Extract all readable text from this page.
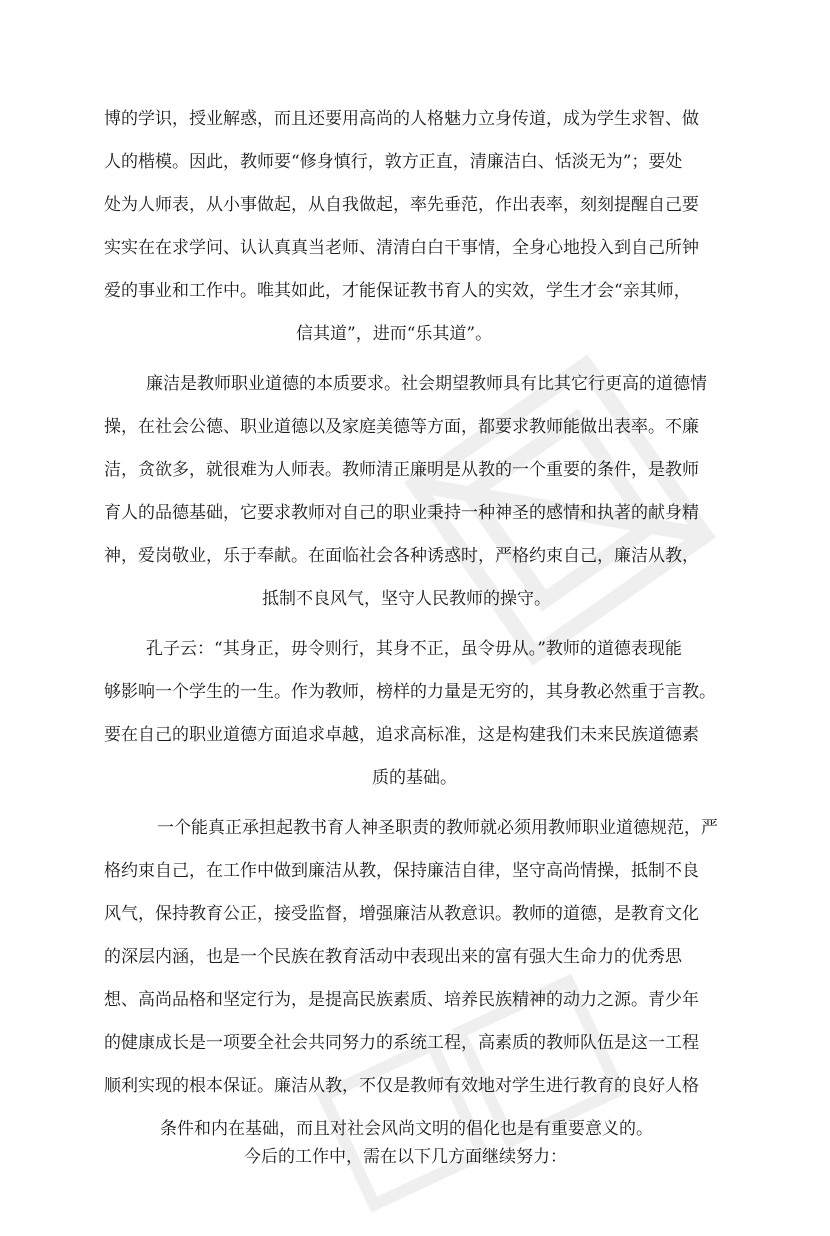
博的学识，授业解惑，而且还要用高尚的人格魅力立身传道，成为学生求智、做
人的楷模。因此，教师要“修身慎行，敦方正直，清廉洁白、恬淡无为”；要处
处为人师表，从小事做起，从自我做起，率先垂范，作出表率，刻刻提醒自己要
实实在在求学问、认认真真当老师、清清白白干事情，全身心地投入到自己所钟
爱的事业和工作中。唯其如此，才能保证教书育人的实效，学生才会“亲其师，
信其道”，进而“乐其道”。
廉洁是教师职业道德的本质要求。社会期望教师具有比其它行更高的道德情
操，在社会公德、职业道德以及家庭美德等方面，都要求教师能做出表率。不廉
洁，贪欲多，就很难为人师表。教师清正廉明是从教的一个重要的条件，是教师
育人的品德基础，它要求教师对自己的职业秉持一种神圣的感情和执著的献身精
神，爱岗敬业，乐于奉献。在面临社会各种诱惑时，严格约束自己，廉洁从教，
抵制不良风气，坚守人民教师的操守。
孔子云：“其身正，毋令则行，其身不正，虽令毋从。”教师的道德表现能
够影响一个学生的一生。作为教师，榜样的力量是无穷的，其身教必然重于言教。
要在自己的职业道德方面追求卓越，追求高标准，这是构建我们未来民族道德素
质的基础。
一个能真正承担起教书育人神圣职责的教师就必须用教师职业道德规范，严
格约束自己，在工作中做到廉洁从教，保持廉洁自律，坚守高尚情操，抵制不良
风气，保持教育公正，接受监督，增强廉洁从教意识。教师的道德，是教育文化
的深层内涵，也是一个民族在教育活动中表现出来的富有强大生命力的优秀思
想、高尚品格和坚定行为，是提高民族素质、培养民族精神的动力之源。青少年
的健康成长是一项要全社会共同努力的系统工程，高素质的教师队伍是这一工程
顺利实现的根本保证。廉洁从教，不仅是教师有效地对学生进行教育的良好人格
条件和内在基础，而且对社会风尚文明的倡化也是有重要意义的。
今后的工作中，需在以下几方面继续努力：
